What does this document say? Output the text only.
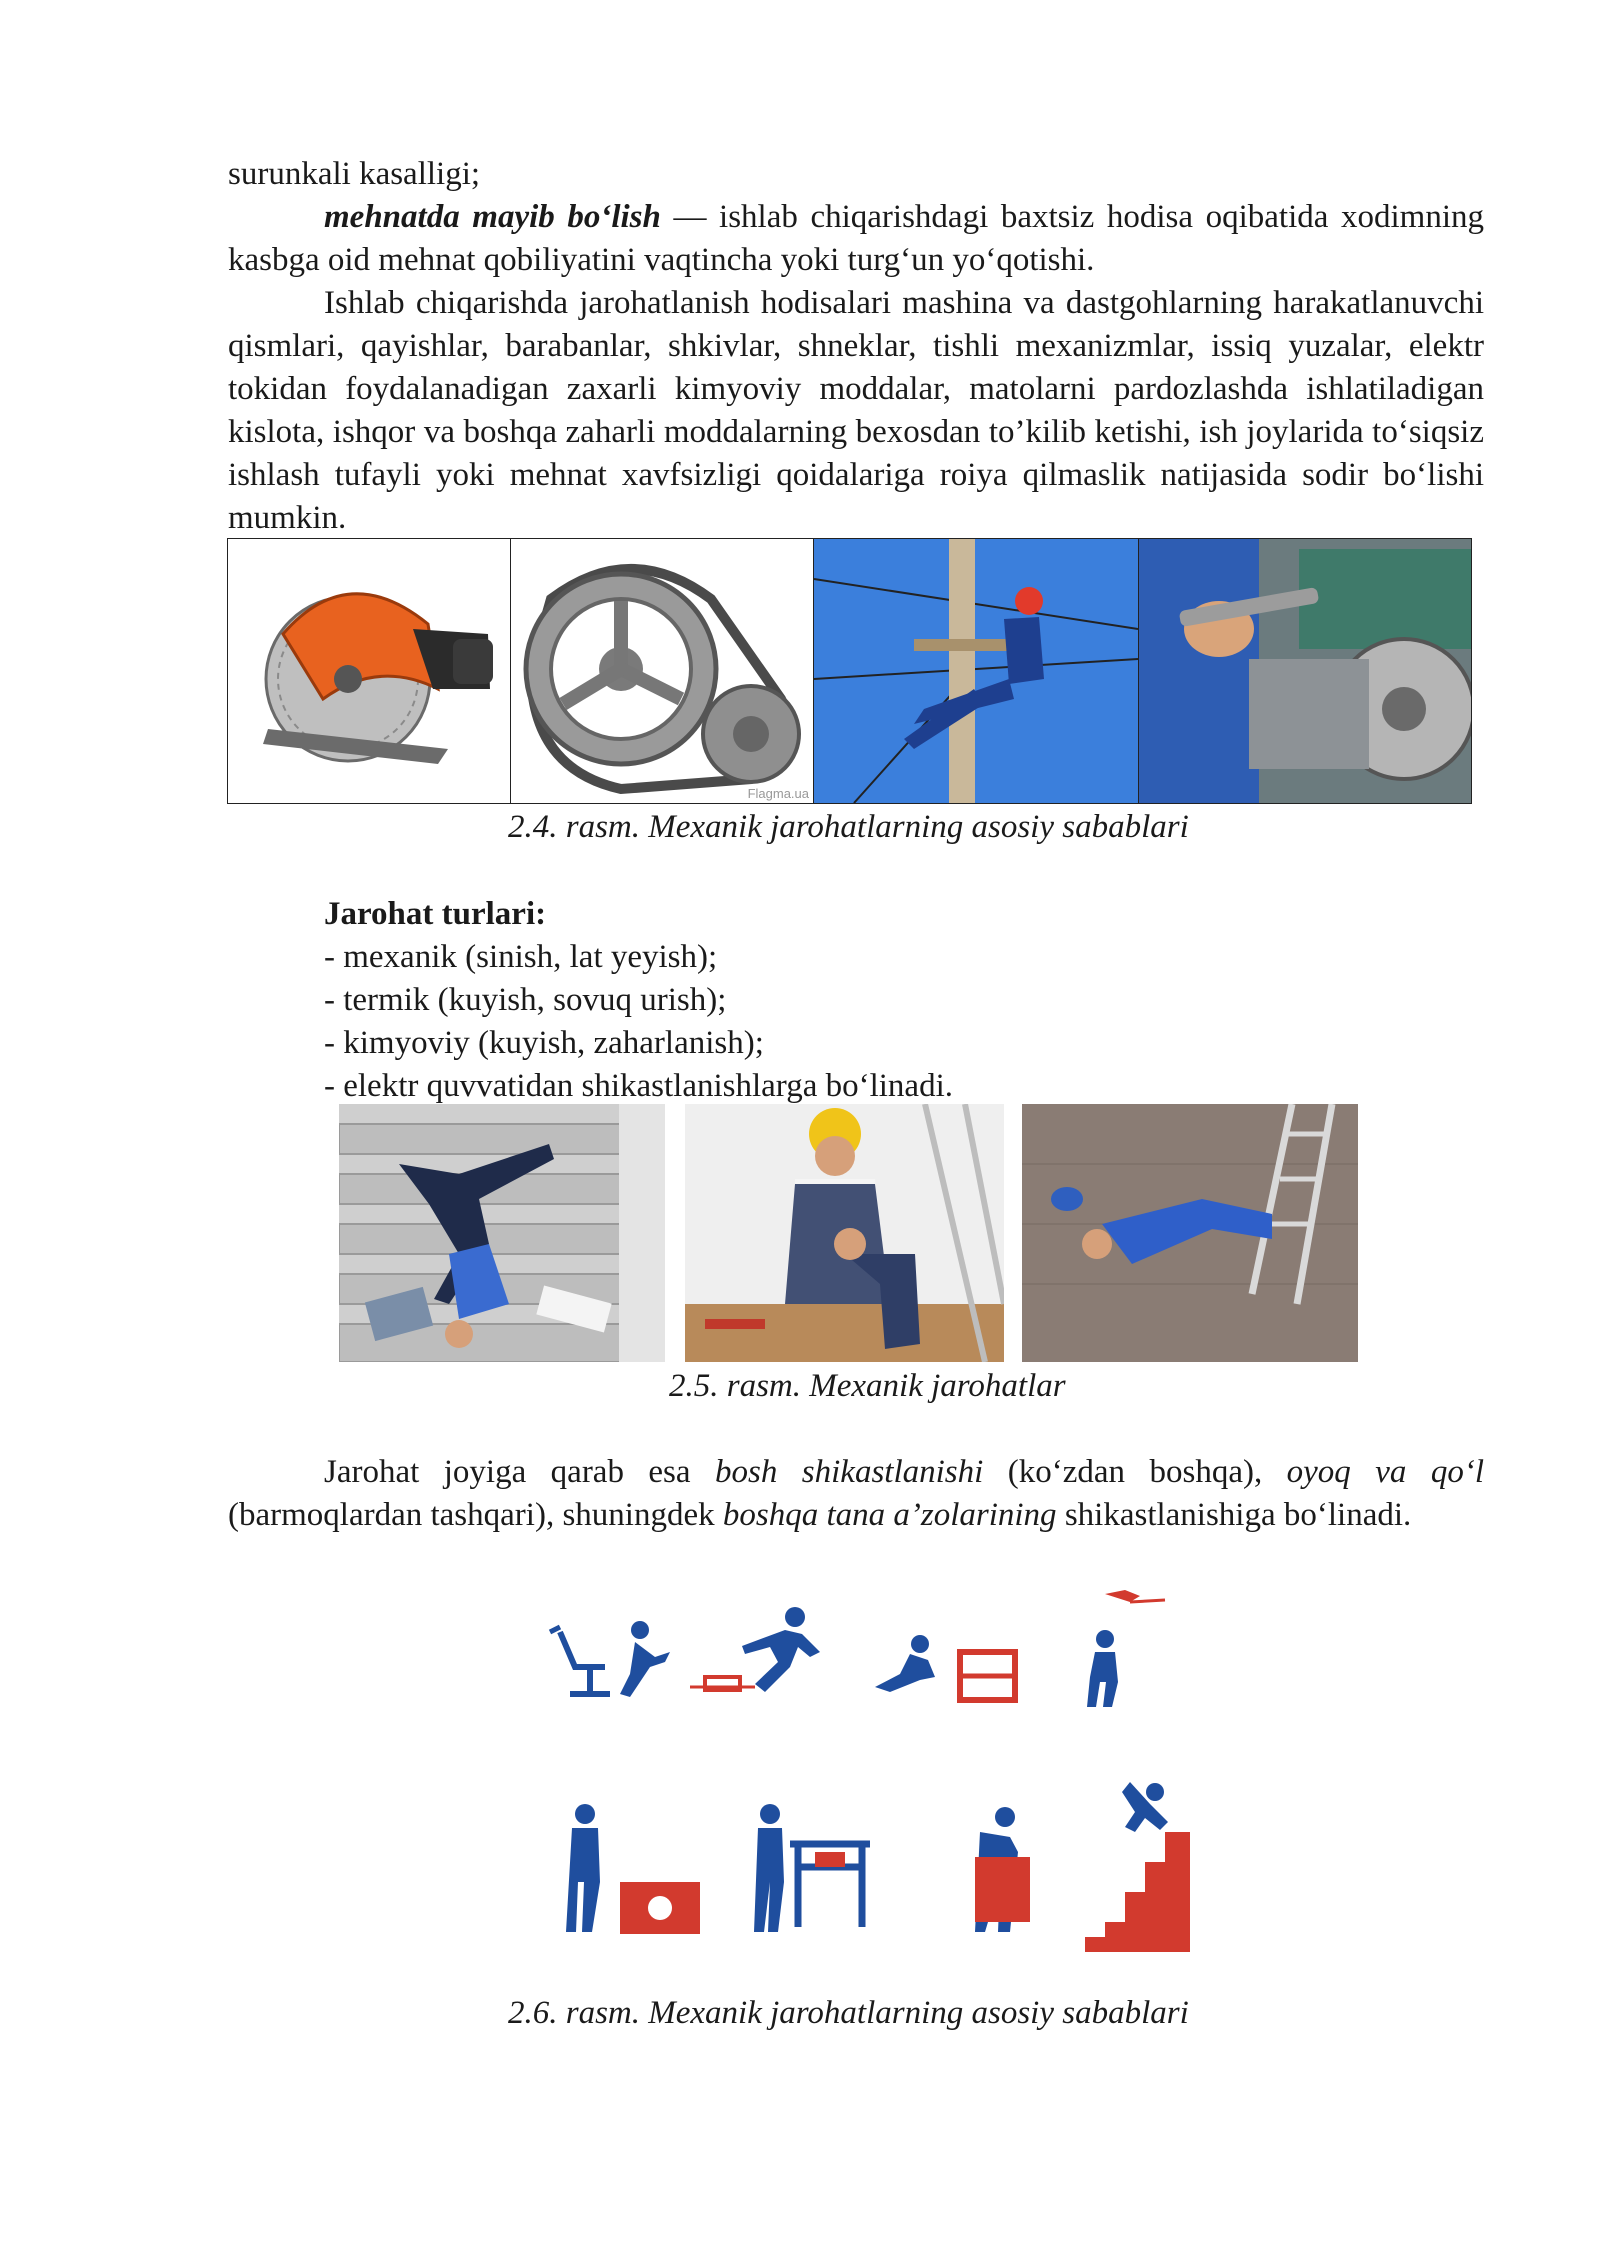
surunkali kasalligi;
mehnatda mayib bo‘lish — ishlab chiqarishdagi baxtsiz hodisa oqibatida xodimning kasbga oid mehnat qobiliyatini vaqtincha yoki turg‘un yo‘qotishi.
Ishlab chiqarishda jarohatlanish hodisalari mashina va dastgohlarning harakatlanuvchi qismlari, qayishlar, barabanlar, shkivlar, shneklar, tishli mexanizmlar, issiq yuzalar, elektr tokidan foydalanadigan zaxarli kimyoviy moddalar, matolarni pardozlashda ishlatiladigan kislota, ishqor va boshqa zaharli moddalarning bexosdan to’kilib ketishi, ish joylarida to‘siqsiz ishlash tufayli yoki mehnat xavfsizligi qoidalariga roiya qilmaslik natijasida sodir bo‘lishi mumkin.
Flagma.ua
2.4. rasm. Mexanik jarohatlarning asosiy sabablari
Jarohat turlari:
- mexanik (sinish, lat yeyish);
- termik (kuyish, sovuq urish);
- kimyoviy (kuyish, zaharlanish);
- elektr quvvatidan shikastlanishlarga bo‘linadi.
2.5. rasm. Mexanik jarohatlar
Jarohat joyiga qarab esa bosh shikastlanishi (ko‘zdan boshqa), oyoq va qo‘l (barmoqlardan tashqari), shuningdek boshqa tana a’zolarining shikastlanishiga bo‘linadi.
2.6. rasm. Mexanik jarohatlarning asosiy sabablari
